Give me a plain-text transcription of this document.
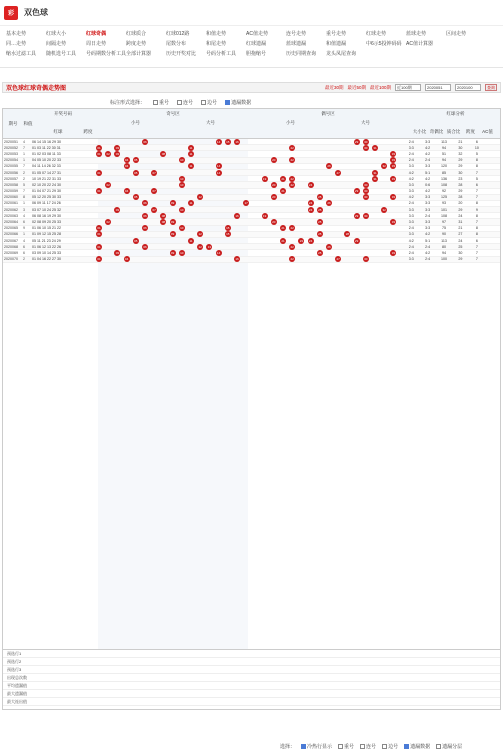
彩	双色球
基本走势	红球大小	红球奇偶	红球质合	红球012路	和值走势	AC值走势	连号走势	重号走势	红球走势	蓝球走势	区间走势
同…走势	间隔走势	周日走势	跨度走势	尾数分布	和尾走势	红球遗漏	蓝球遗漏	和值遗漏	中6示5投钟码码 AC值计算器
缩水过滤工具	随机选号工具	号码期数分析工具 全部计算器	历史开奖对比	号码分析工具	胆拖缩号	历史同期查询	龙头凤尾查询
双色球红球奇偶走势图	最近30期 最近50期 最近100期	近100期	2020051	2020100	查询
标注形式选择：	重号	连号	边号	遗漏数据
期号	和值
开奖号码
红球	跨度
奇号区	偶号区
小号	大号	小号	大号
红球分析
大小比 奇偶比 质合比	跨度	AC值
2020051	4	06 14 15 16 29 30	06	14	15	16	29	30	2:4	3:3	113	21	6
2020052	7	01 03 11 22 30 31	01	03	11	22	30	31	3:3	4:2	94	30	10
2020053	1	01 02 03 08 11 33	01	02	03	08	11	33	2:4	4:2	51	32	5
2020054	1	04 05 10 20 22 33	04	05	10	20	22	33	2:4	2:4	94	29	8
2020055	7	04 11 14 26 32 33	04	11	14	26	32	33	3:3	3:3	120	29	8
2020056	2	01 05 07 14 27 31	01	05	07	14	27	31	4:2	5:1	85	30	7
2020057	2	10 19 21 22 31 33	10	19	21	22	31	33	4:2	4:2	136	23	5
2020058	5	02 10 20 22 24 30	02	10	20	22	24	30	3:3	0:6	108	28	6
2020059	7	01 04 07 21 29 30	01	04	07	21	29	30	3:3	4:2	92	29	7
2020060	8	05 12 20 25 30 33	05	12	20	25	30	33	4:2	3:3	125	28	7
2020061	1	06 09 11 17 24 26	06	09	11	17	24	26	2:4	3:3	93	20	8
2020062	3	03 07 10 24 25 32	03	07	10	24	25	32	3:3	3:3	101	29	9
2020063	4	06 08 16 19 29 30	06	08	16	19	29	30	3:3	2:4	108	24	8
2020064	6	02 08 09 20 25 33	02	08	09	20	25	33	3:3	3:3	97	31	7
2020065	9	01 06 10 15 21 22	01	06	10	15	21	22	2:4	3:3	75	21	8
2020066	1	01 09 12 15 25 28	01	09	12	15	25	28	3:3	4:2	90	27	8
2020067	4	05 11 21 23 24 29	05	11	21	23	24	29	4:2	5:1	113	24	6
2020068	6	01 06 12 13 22 26	01	06	12	13	22	26	2:4	2:4	80	25	7
2020069	6	03 09 10 14 25 33	03	09	10	14	25	33	2:4	4:2	94	30	7
2020070	2	01 04 16 22 27 30	01	04	16	22	27	30	3:3	2:4	100	29	7
预选行1
预选行2
预选行3
出现总次数
平均遗漏值
最大遗漏值
最大连出值
选择：	冷热行显示	重号	连号	边号	遗漏数据	遗漏分层
